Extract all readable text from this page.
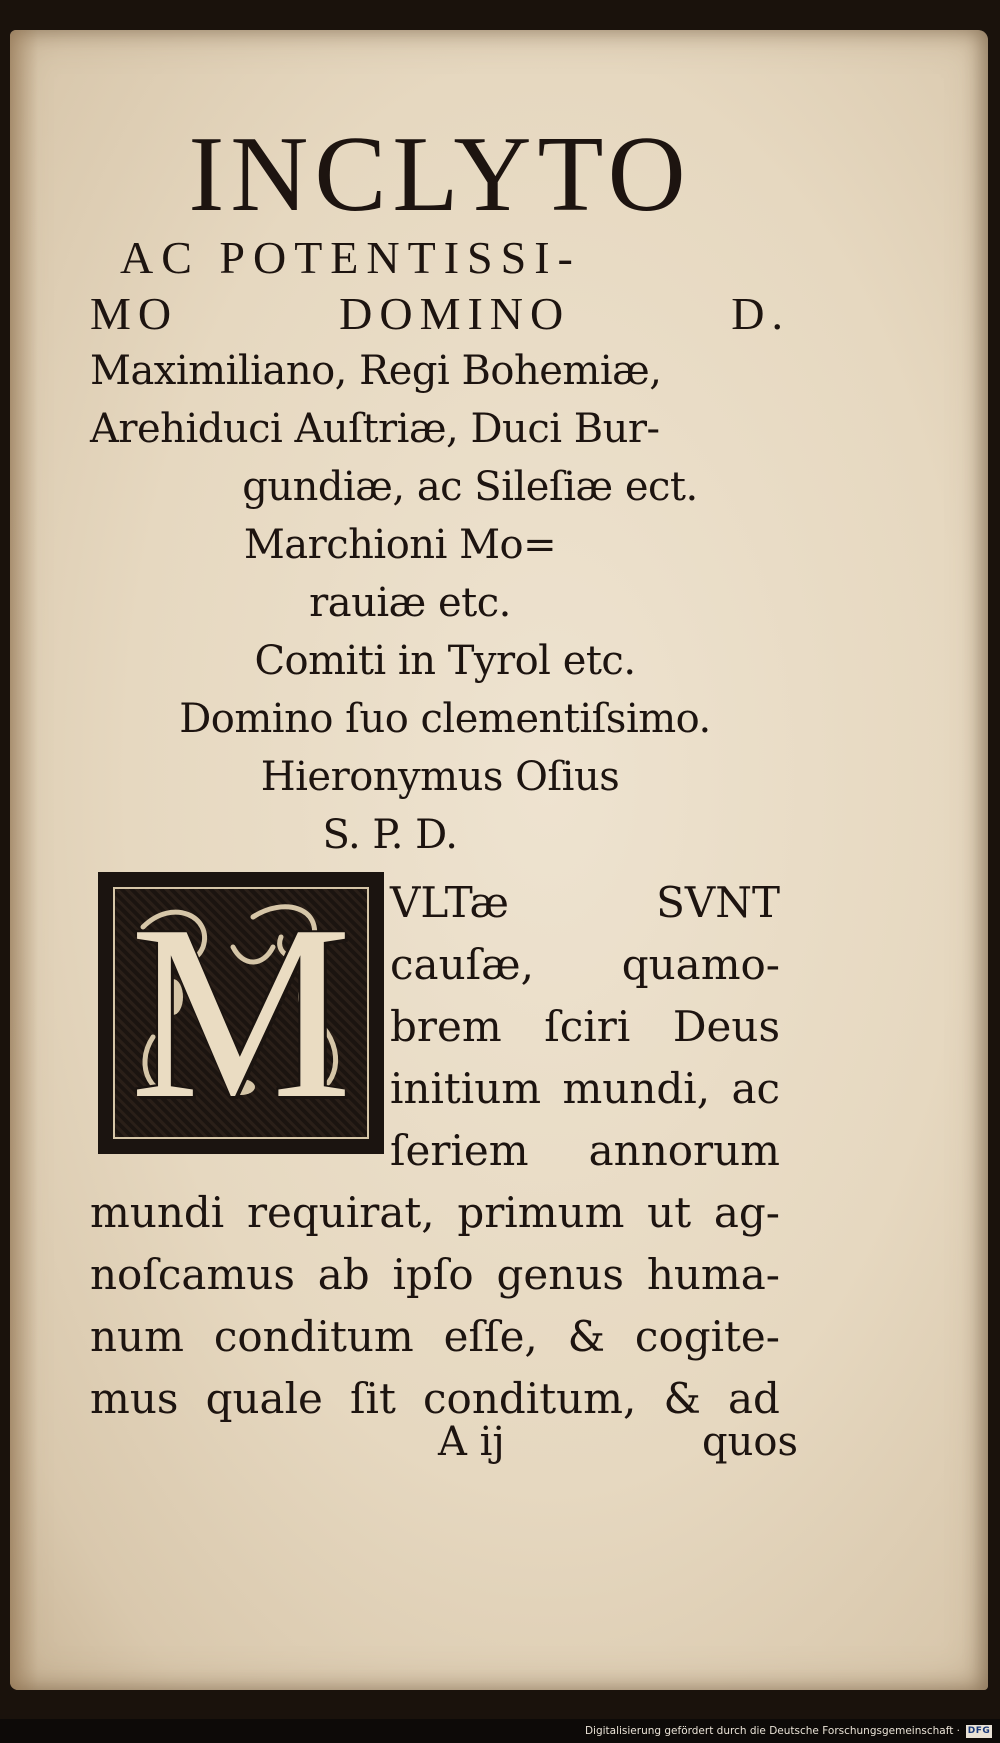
INCLYTO
AC POTENTISSI-
MO	DOMINO	D.
Maximiliano, Regi Bohemiæ,
Arehiduci Auſtriæ, Duci Bur‐
gundiæ, ac Sileſiæ ect.
Marchioni Mo=
rauiæ etc.
Comiti in Tyrol etc.
Domino ſuo clementiſsimo.
Hieronymus Oſius
S. P. D.
M VLTæ	SVNT
cauſæ, quamo‐
brem ſciri Deus
initium mundi, ac
ſeriem annorum
mundi requirat, primum ut ag‐
noſcamus ab ipſo genus huma‐
num conditum eſſe, & cogite‐
mus quale ſit conditum, & ad
A ij	quos
Digitalisierung gefördert durch die Deutsche Forschungsgemeinschaft · DFG
